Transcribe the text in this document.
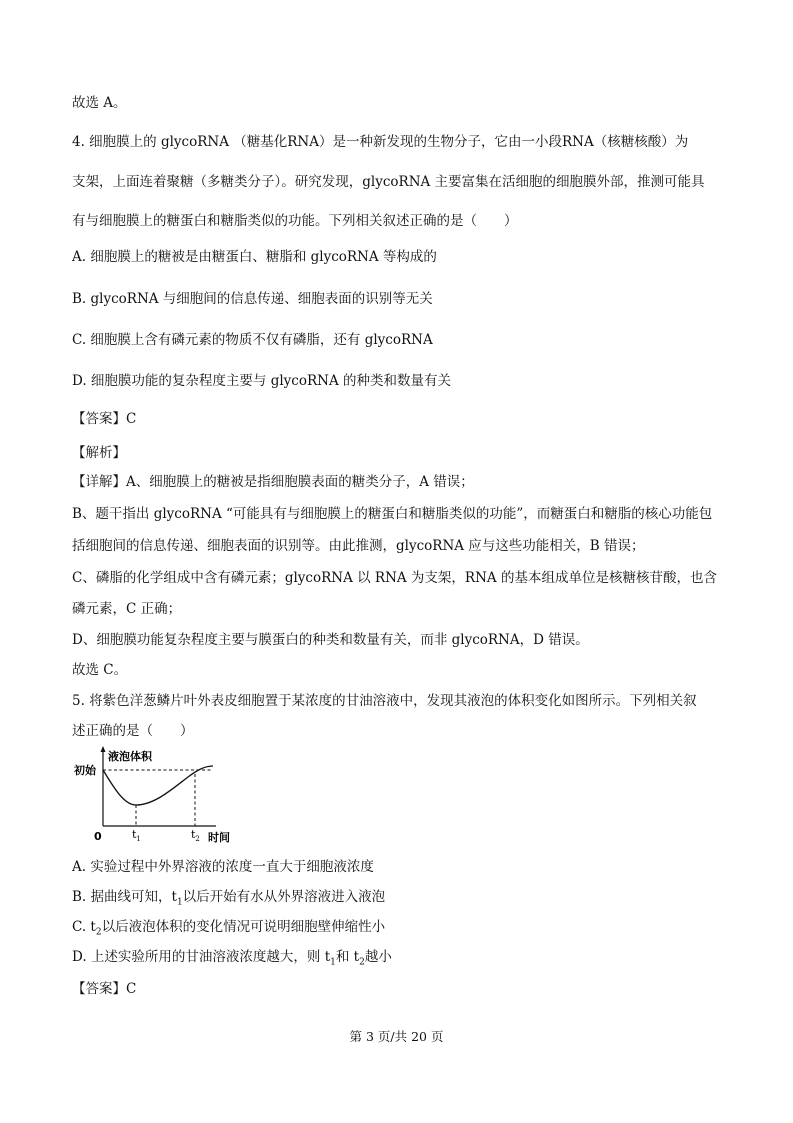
故选 A。
4. 细胞膜上的 glycoRNA （糖基化RNA）是一种新发现的生物分子，它由一小段RNA（核糖核酸）为
支架，上面连着聚糖（多糖类分子）。研究发现，glycoRNA 主要富集在活细胞的细胞膜外部，推测可能具
有与细胞膜上的糖蛋白和糖脂类似的功能。下列相关叙述正确的是（　　）
A. 细胞膜上的糖被是由糖蛋白、糖脂和 glycoRNA 等构成的
B. glycoRNA 与细胞间的信息传递、细胞表面的识别等无关
C. 细胞膜上含有磷元素的物质不仅有磷脂，还有 glycoRNA
D. 细胞膜功能的复杂程度主要与 glycoRNA 的种类和数量有关
【答案】C
【解析】
【详解】A、细胞膜上的糖被是指细胞膜表面的糖类分子，A 错误；
B、题干指出 glycoRNA “可能具有与细胞膜上的糖蛋白和糖脂类似的功能”，而糖蛋白和糖脂的核心功能包
括细胞间的信息传递、细胞表面的识别等。由此推测，glycoRNA 应与这些功能相关，B 错误；
C、磷脂的化学组成中含有磷元素；glycoRNA 以 RNA 为支架，RNA 的基本组成单位是核糖核苷酸，也含
磷元素，C 正确；
D、细胞膜功能复杂程度主要与膜蛋白的种类和数量有关，而非 glycoRNA，D 错误。
故选 C。
5. 将紫色洋葱鳞片叶外表皮细胞置于某浓度的甘油溶液中，发现其液泡的体积变化如图所示。下列相关叙
述正确的是（　　）
液泡体积
初始
0	$t_1$	$t_2$ 时间
A. 实验过程中外界溶液的浓度一直大于细胞液浓度
B. 据曲线可知，$t_1$以后开始有水从外界溶液进入液泡
C. $t_2$以后液泡体积的变化情况可说明细胞壁伸缩性小
D. 上述实验所用的甘油溶液浓度越大，则 $t_1$和 $t_2$越小
【答案】C
第 3 页/共 20 页
